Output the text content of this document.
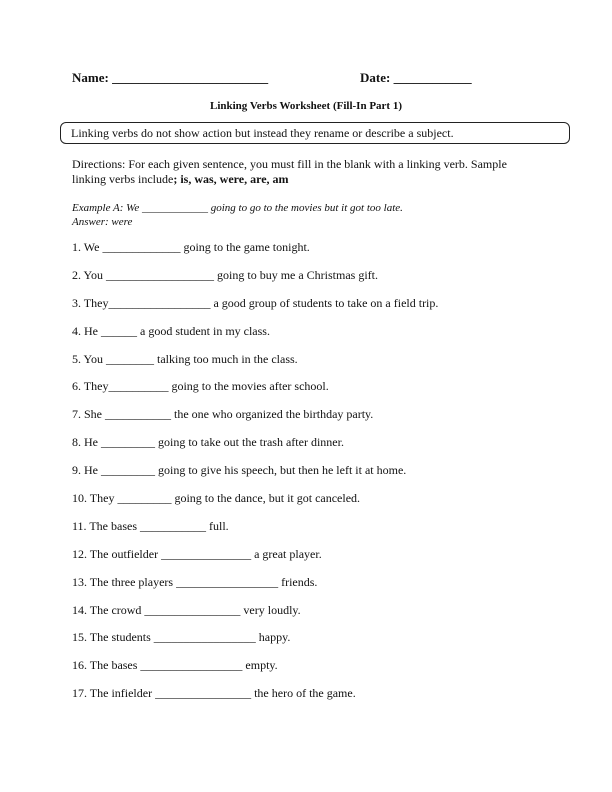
Name: ________________________	Date: ____________
Linking Verbs Worksheet (Fill-In Part 1)
Linking verbs do not show action but instead they rename or describe a subject.
Directions: For each given sentence, you must fill in the blank with a linking verb. Sample
linking verbs include; is, was, were, are, am
Example A: We ____________ going to go to the movies but it got too late.
Answer: were
1. We _____________ going to the game tonight.
2. You __________________ going to buy me a Christmas gift.
3. They_________________ a good group of students to take on a field trip.
4. He ______ a good student in my class.
5. You ________ talking too much in the class.
6. They__________ going to the movies after school.
7. She ___________ the one who organized the birthday party.
8. He _________ going to take out the trash after dinner.
9. He _________ going to give his speech, but then he left it at home.
10. They _________ going to the dance, but it got canceled.
11. The bases ___________ full.
12. The outfielder _______________ a great player.
13. The three players _________________ friends.
14. The crowd ________________ very loudly.
15. The students _________________ happy.
16. The bases _________________ empty.
17. The infielder ________________ the hero of the game.
